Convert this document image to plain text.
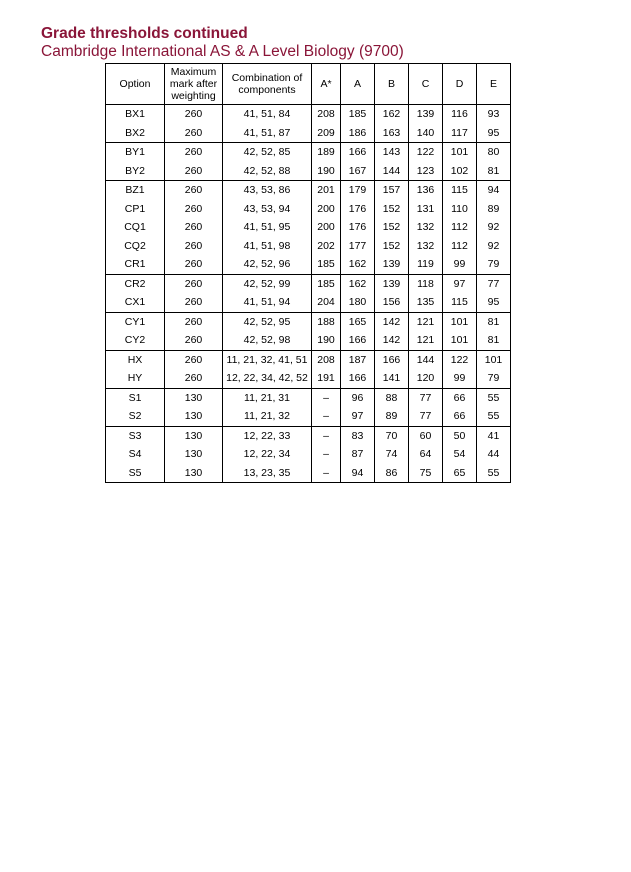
Grade thresholds continued
Cambridge International AS & A Level Biology (9700)
Option	Maximum mark after weighting	Combination of components	A*	A	B	C	D	E
BX1	260	41, 51, 84	208	185	162	139	116	93
BX2	260	41, 51, 87	209	186	163	140	117	95
BY1	260	42, 52, 85	189	166	143	122	101	80
BY2	260	42, 52, 88	190	167	144	123	102	81
BZ1	260	43, 53, 86	201	179	157	136	115	94
CP1	260	43, 53, 94	200	176	152	131	110	89
CQ1	260	41, 51, 95	200	176	152	132	112	92
CQ2	260	41, 51, 98	202	177	152	132	112	92
CR1	260	42, 52, 96	185	162	139	119	99	79
CR2	260	42, 52, 99	185	162	139	118	97	77
CX1	260	41, 51, 94	204	180	156	135	115	95
CY1	260	42, 52, 95	188	165	142	121	101	81
CY2	260	42, 52, 98	190	166	142	121	101	81
HX	260	11, 21, 32, 41, 51	208	187	166	144	122	101
HY	260	12, 22, 34, 42, 52	191	166	141	120	99	79
S1	130	11, 21, 31	–	96	88	77	66	55
S2	130	11, 21, 32	–	97	89	77	66	55
S3	130	12, 22, 33	–	83	70	60	50	41
S4	130	12, 22, 34	–	87	74	64	54	44
S5	130	13, 23, 35	–	94	86	75	65	55
